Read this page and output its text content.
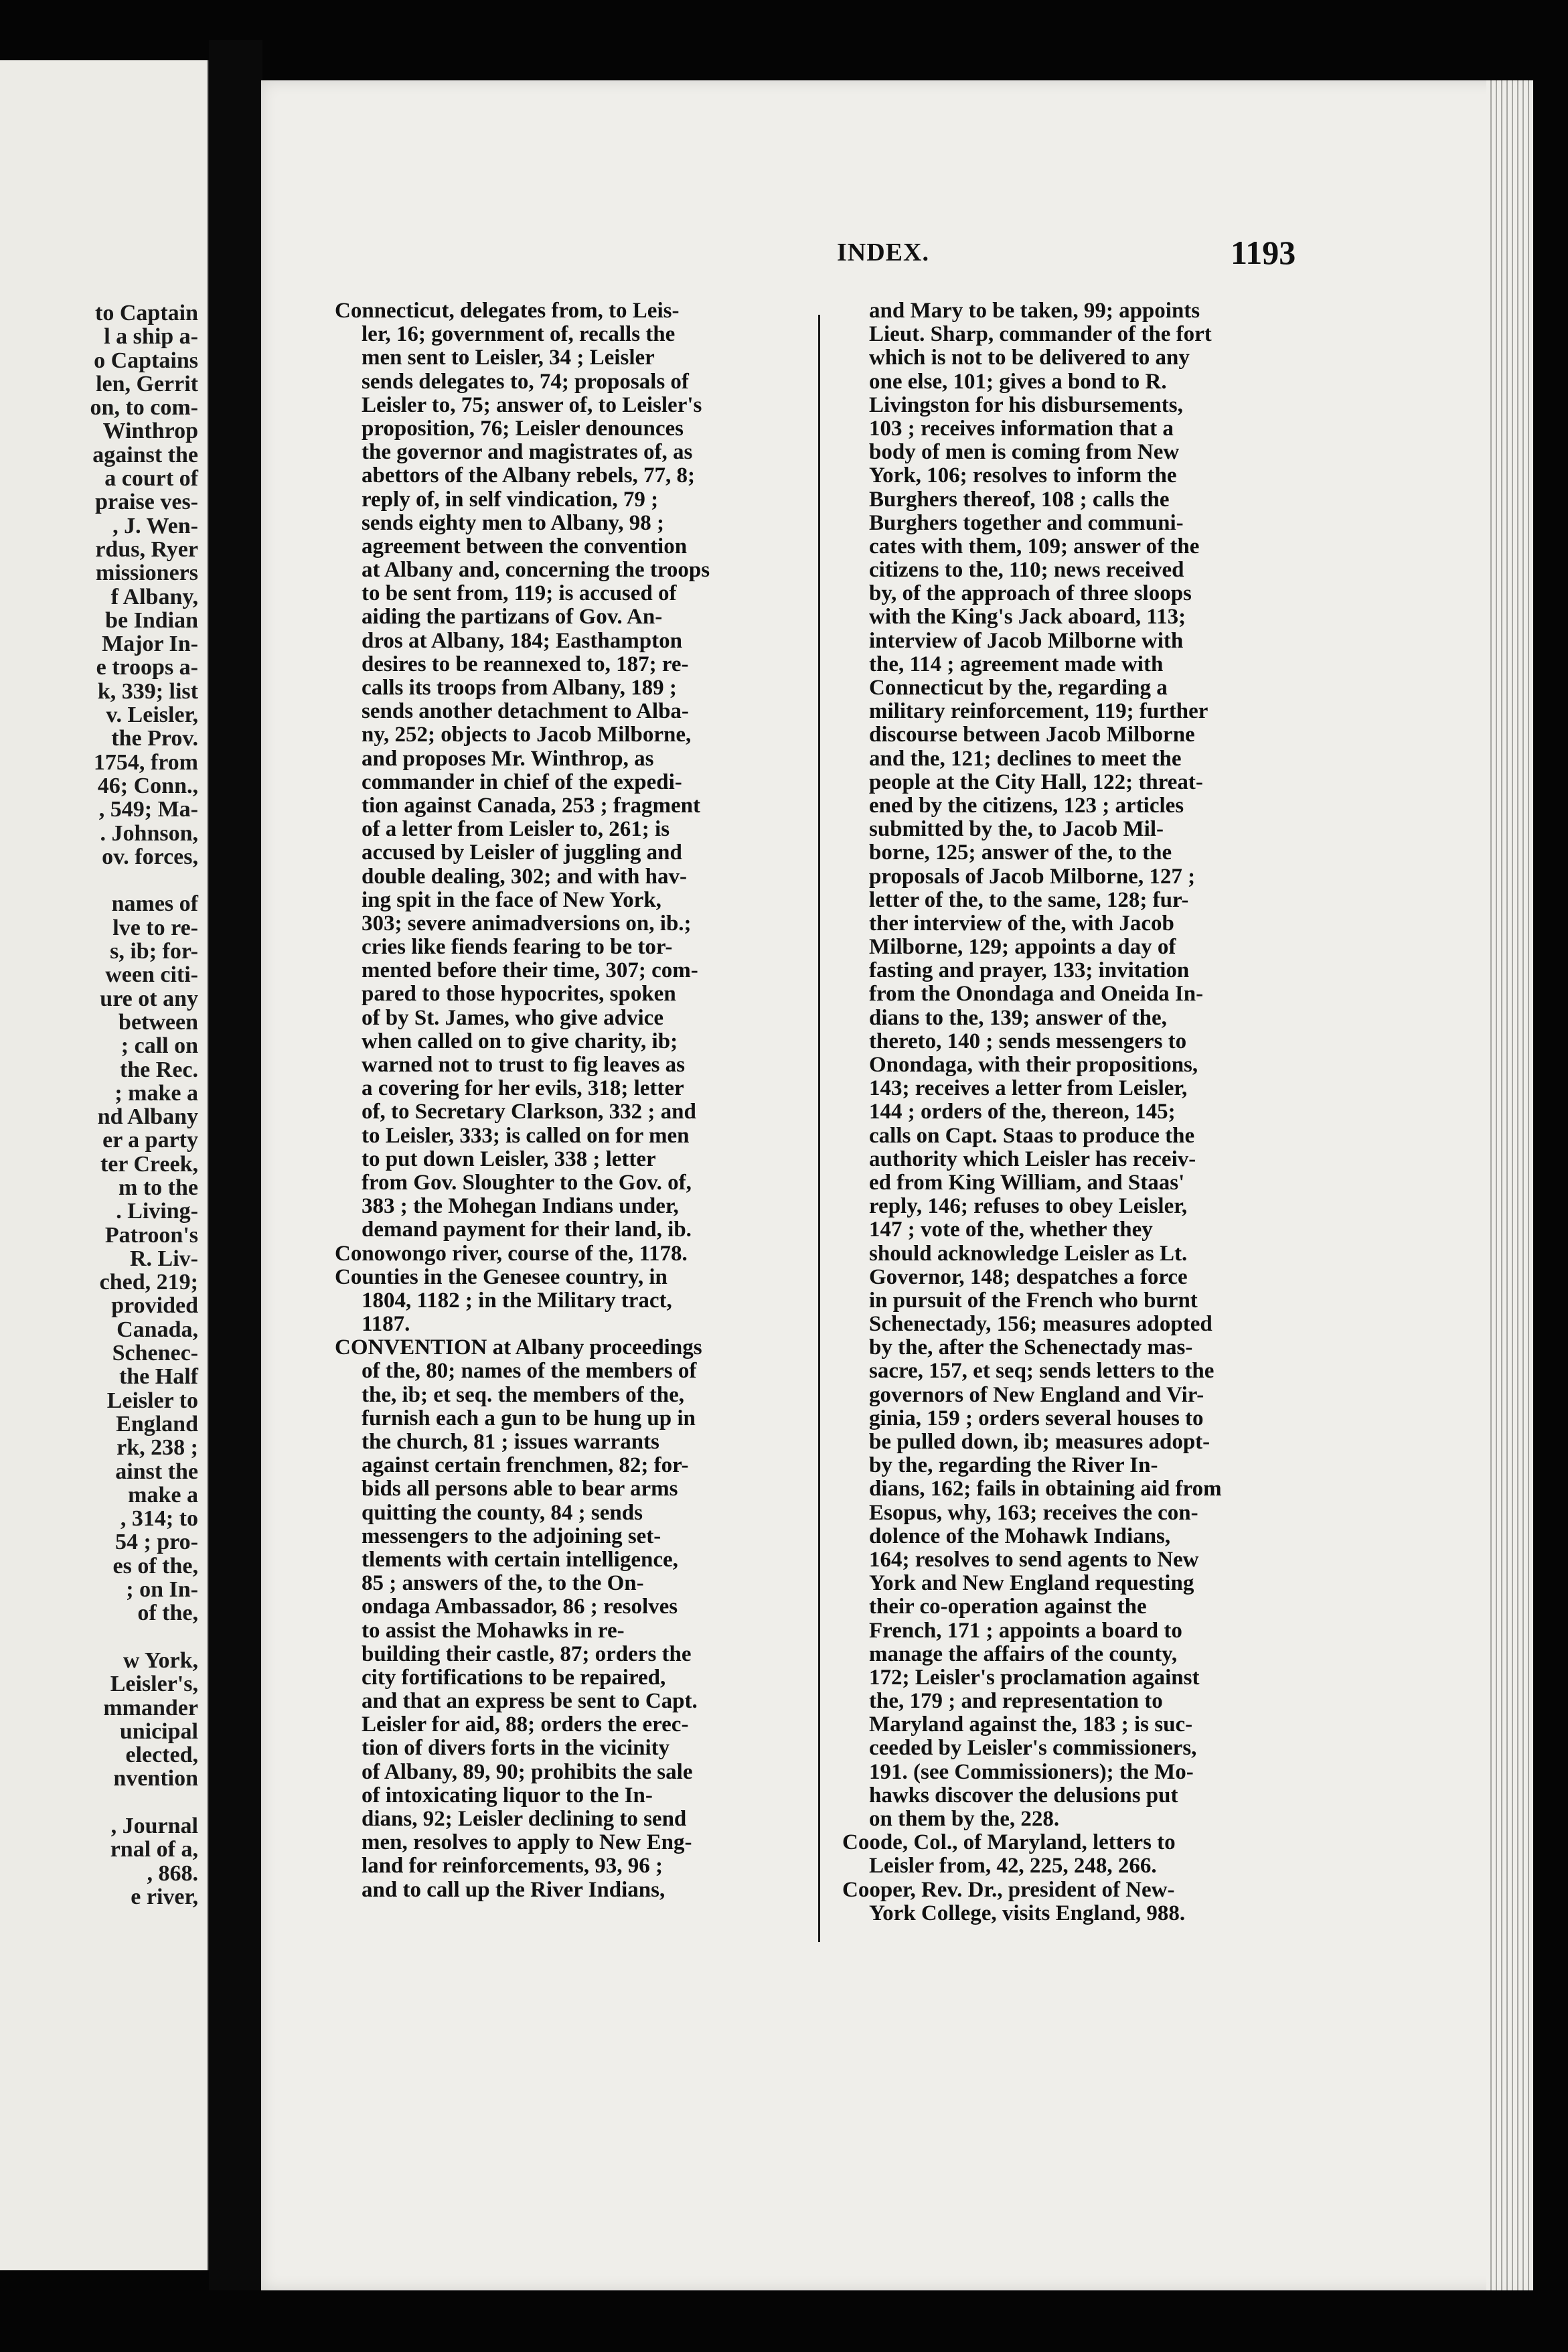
to Captain
l a ship a-
o Captains
len, Gerrit
on, to com-
Winthrop
against the
a court of
praise ves-
, J. Wen-
rdus, Ryer
missioners
f Albany,
be Indian
Major In-
e troops a-
k, 339; list
v. Leisler,
the Prov.
1754, from
46; Conn.,
, 549; Ma-
. Johnson,
ov. forces,
names of
lve to re-
s, ib; for-
ween citi-
ure ot any
between
; call on
the Rec.
; make a
nd Albany
er a party
ter Creek,
m to the
. Living-
Patroon's
R. Liv-
ched, 219;
provided
Canada,
Schenec-
the Half
Leisler to
England
rk, 238 ;
ainst the
make a
, 314; to
54 ; pro-
es of the,
; on In-
of the,
w York,
Leisler's,
mmander
unicipal
elected,
nvention
, Journal
rnal of a,
, 868.
e river,
INDEX.	1193
Connecticut, delegates from, to Leis-
ler, 16; government of, recalls the
men sent to Leisler, 34 ; Leisler
sends delegates to, 74; proposals of
Leisler to, 75; answer of, to Leisler's
proposition, 76; Leisler denounces
the governor and magistrates of, as
abettors of the Albany rebels, 77, 8;
reply of, in self vindication, 79 ;
sends eighty men to Albany, 98 ;
agreement between the convention
at Albany and, concerning the troops
to be sent from, 119; is accused of
aiding the partizans of Gov. An-
dros at Albany, 184; Easthampton
desires to be reannexed to, 187; re-
calls its troops from Albany, 189 ;
sends another detachment to Alba-
ny, 252; objects to Jacob Milborne,
and proposes Mr. Winthrop, as
commander in chief of the expedi-
tion against Canada, 253 ; fragment
of a letter from Leisler to, 261; is
accused by Leisler of juggling and
double dealing, 302; and with hav-
ing spit in the face of New York,
303; severe animadversions on, ib.;
cries like fiends fearing to be tor-
mented before their time, 307; com-
pared to those hypocrites, spoken
of by St. James, who give advice
when called on to give charity, ib;
warned not to trust to fig leaves as
a covering for her evils, 318; letter
of, to Secretary Clarkson, 332 ; and
to Leisler, 333; is called on for men
to put down Leisler, 338 ; letter
from Gov. Sloughter to the Gov. of,
383 ; the Mohegan Indians under,
demand payment for their land, ib.
Conowongo river, course of the, 1178.
Counties in the Genesee country, in
1804, 1182 ; in the Military tract,
1187.
CONVENTION at Albany proceedings
of the, 80; names of the members of
the, ib; et seq. the members of the,
furnish each a gun to be hung up in
the church, 81 ; issues warrants
against certain frenchmen, 82; for-
bids all persons able to bear arms
quitting the county, 84 ; sends
messengers to the adjoining set-
tlements with certain intelligence,
85 ; answers of the, to the On-
ondaga Ambassador, 86 ; resolves
to assist the Mohawks in re-
building their castle, 87; orders the
city fortifications to be repaired,
and that an express be sent to Capt.
Leisler for aid, 88; orders the erec-
tion of divers forts in the vicinity
of Albany, 89, 90; prohibits the sale
of intoxicating liquor to the In-
dians, 92; Leisler declining to send
men, resolves to apply to New Eng-
land for reinforcements, 93, 96 ;
and to call up the River Indians,
and Mary to be taken, 99; appoints
Lieut. Sharp, commander of the fort
which is not to be delivered to any
one else, 101; gives a bond to R.
Livingston for his disbursements,
103 ; receives information that a
body of men is coming from New
York, 106; resolves to inform the
Burghers thereof, 108 ; calls the
Burghers together and communi-
cates with them, 109; answer of the
citizens to the, 110; news received
by, of the approach of three sloops
with the King's Jack aboard, 113;
interview of Jacob Milborne with
the, 114 ; agreement made with
Connecticut by the, regarding a
military reinforcement, 119; further
discourse between Jacob Milborne
and the, 121; declines to meet the
people at the City Hall, 122; threat-
ened by the citizens, 123 ; articles
submitted by the, to Jacob Mil-
borne, 125; answer of the, to the
proposals of Jacob Milborne, 127 ;
letter of the, to the same, 128; fur-
ther interview of the, with Jacob
Milborne, 129; appoints a day of
fasting and prayer, 133; invitation
from the Onondaga and Oneida In-
dians to the, 139; answer of the,
thereto, 140 ; sends messengers to
Onondaga, with their propositions,
143; receives a letter from Leisler,
144 ; orders of the, thereon, 145;
calls on Capt. Staas to produce the
authority which Leisler has receiv-
ed from King William, and Staas'
reply, 146; refuses to obey Leisler,
147 ; vote of the, whether they
should acknowledge Leisler as Lt.
Governor, 148; despatches a force
in pursuit of the French who burnt
Schenectady, 156; measures adopted
by the, after the Schenectady mas-
sacre, 157, et seq; sends letters to the
governors of New England and Vir-
ginia, 159 ; orders several houses to
be pulled down, ib; measures adopt-
by the, regarding the River In-
dians, 162; fails in obtaining aid from
Esopus, why, 163; receives the con-
dolence of the Mohawk Indians,
164; resolves to send agents to New
York and New England requesting
their co-operation against the
French, 171 ; appoints a board to
manage the affairs of the county,
172; Leisler's proclamation against
the, 179 ; and representation to
Maryland against the, 183 ; is suc-
ceeded by Leisler's commissioners,
191. (see Commissioners); the Mo-
hawks discover the delusions put
on them by the, 228.
Coode, Col., of Maryland, letters to
Leisler from, 42, 225, 248, 266.
Cooper, Rev. Dr., president of New-
York College, visits England, 988.
